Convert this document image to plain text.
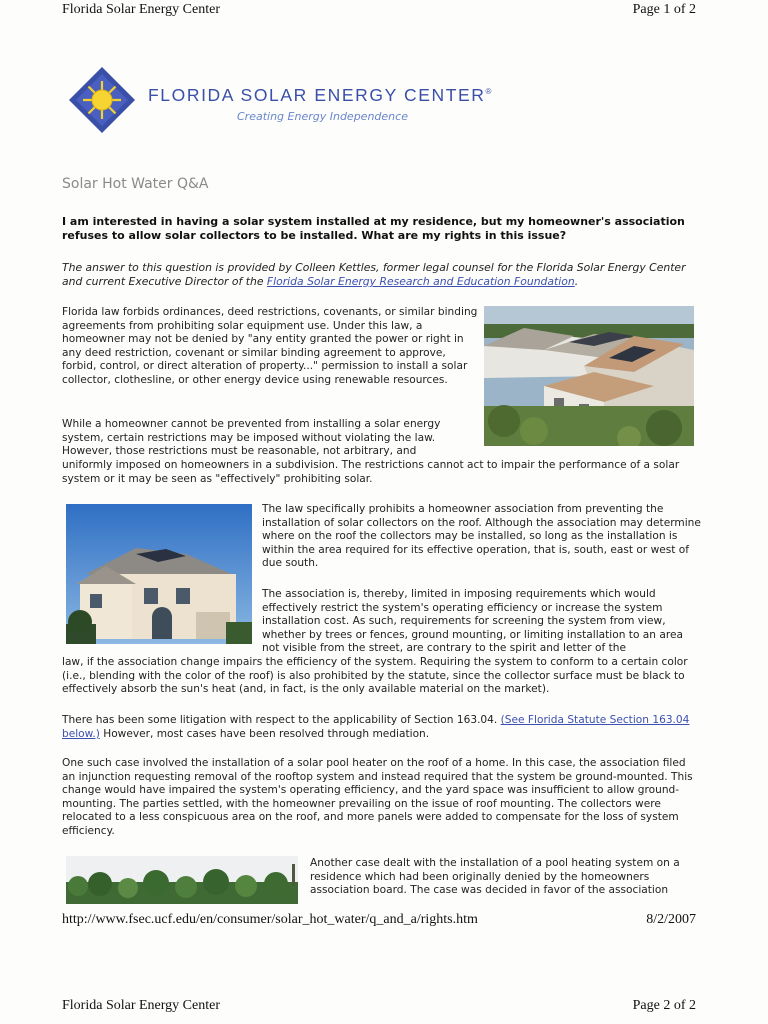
Florida Solar Energy Center	Page 1 of 2
FLORIDA SOLAR ENERGY CENTER®
Creating Energy Independence
Solar Hot Water Q&A

I am interested in having a solar system installed at my residence, but my homeowner's association refuses to allow solar collectors to be installed. What are my rights in this issue?

The answer to this question is provided by Colleen Kettles, former legal counsel for the Florida Solar Energy Center and current Executive Director of the Florida Solar Energy Research and Education Foundation.

Florida law forbids ordinances, deed restrictions, covenants, or similar binding agreements from prohibiting solar equipment use. Under this law, a homeowner may not be denied by "any entity granted the power or right in any deed restriction, covenant or similar binding agreement to approve, forbid, control, or direct alteration of property..." permission to install a solar collector, clothesline, or other energy device using renewable resources.

While a homeowner cannot be prevented from installing a solar energy system, certain restrictions may be imposed without violating the law. However, those restrictions must be reasonable, not arbitrary, and

uniformly imposed on homeowners in a subdivision. The restrictions cannot act to impair the performance of a solar system or it may be seen as "effectively" prohibiting solar.

The law specifically prohibits a homeowner association from preventing the installation of solar collectors on the roof. Although the association may determine where on the roof the collectors may be installed, so long as the installation is within the area required for its effective operation, that is, south, east or west of due south.

The association is, thereby, limited in imposing requirements which would effectively restrict the system's operating efficiency or increase the system installation cost. As such, requirements for screening the system from view, whether by trees or fences, ground mounting, or limiting installation to an area not visible from the street, are contrary to the spirit and letter of the

law, if the association change impairs the efficiency of the system. Requiring the system to conform to a certain color (i.e., blending with the color of the roof) is also prohibited by the statute, since the collector surface must be black to effectively absorb the sun's heat (and, in fact, is the only available material on the market).

There has been some litigation with respect to the applicability of Section 163.04. (See Florida Statute Section 163.04 below.) However, most cases have been resolved through mediation.

One such case involved the installation of a solar pool heater on the roof of a home. In this case, the association filed an injunction requesting removal of the rooftop system and instead required that the system be ground-mounted. This change would have impaired the system's operating efficiency, and the yard space was insufficient to allow ground-mounting. The parties settled, with the homeowner prevailing on the issue of roof mounting. The collectors were relocated to a less conspicuous area on the roof, and more panels were added to compensate for the loss of system efficiency.

Another case dealt with the installation of a pool heating system on a residence which had been originally denied by the homeowners association board. The case was decided in favor of the association

http://www.fsec.ucf.edu/en/consumer/solar_hot_water/q_and_a/rights.htm	8/2/2007
Florida Solar Energy Center	Page 2 of 2
